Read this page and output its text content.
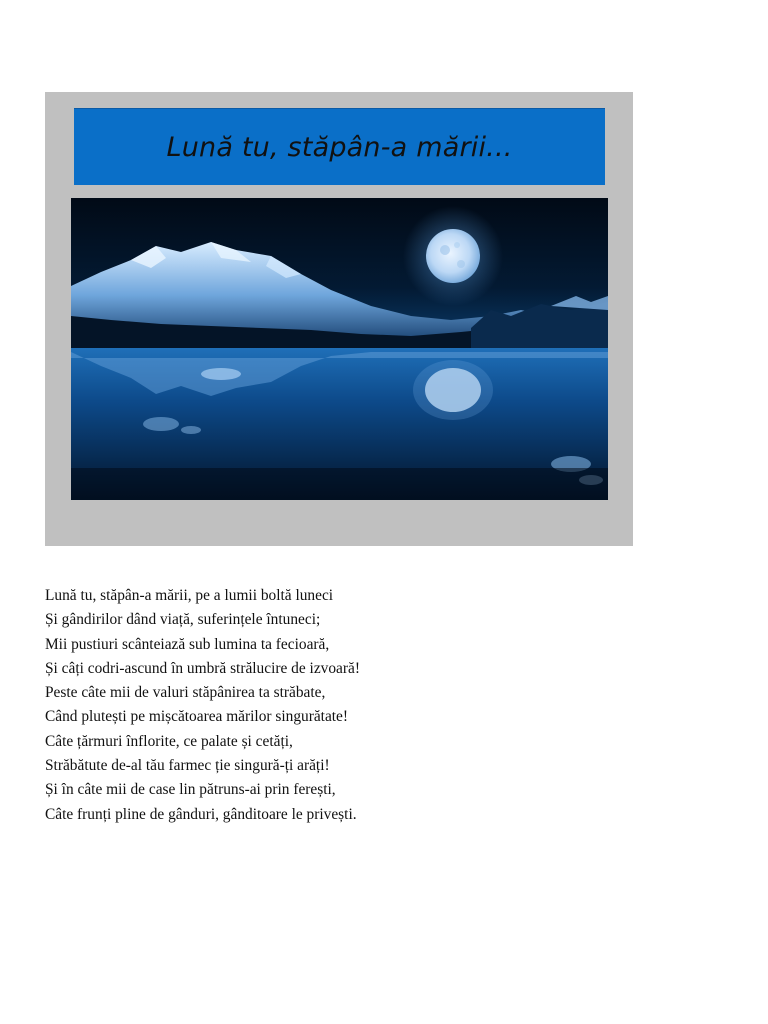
Lună tu, stăpân-a mării...
Lună tu, stăpân-a mării, pe a lumii boltă luneci
Și gândirilor dând viață, suferințele întuneci;
Mii pustiuri scânteiază sub lumina ta fecioară,
Și câți codri-ascund în umbră strălucire de izvoară!
Peste câte mii de valuri stăpânirea ta străbate,
Când plutești pe mișcătoarea mărilor singurătate!
Câte țărmuri înflorite, ce palate și cetăți,
Străbătute de-al tău farmec ție singură-ți arăți!
Și în câte mii de case lin pătruns-ai prin ferești,
Câte frunți pline de gânduri, gânditoare le privești.
